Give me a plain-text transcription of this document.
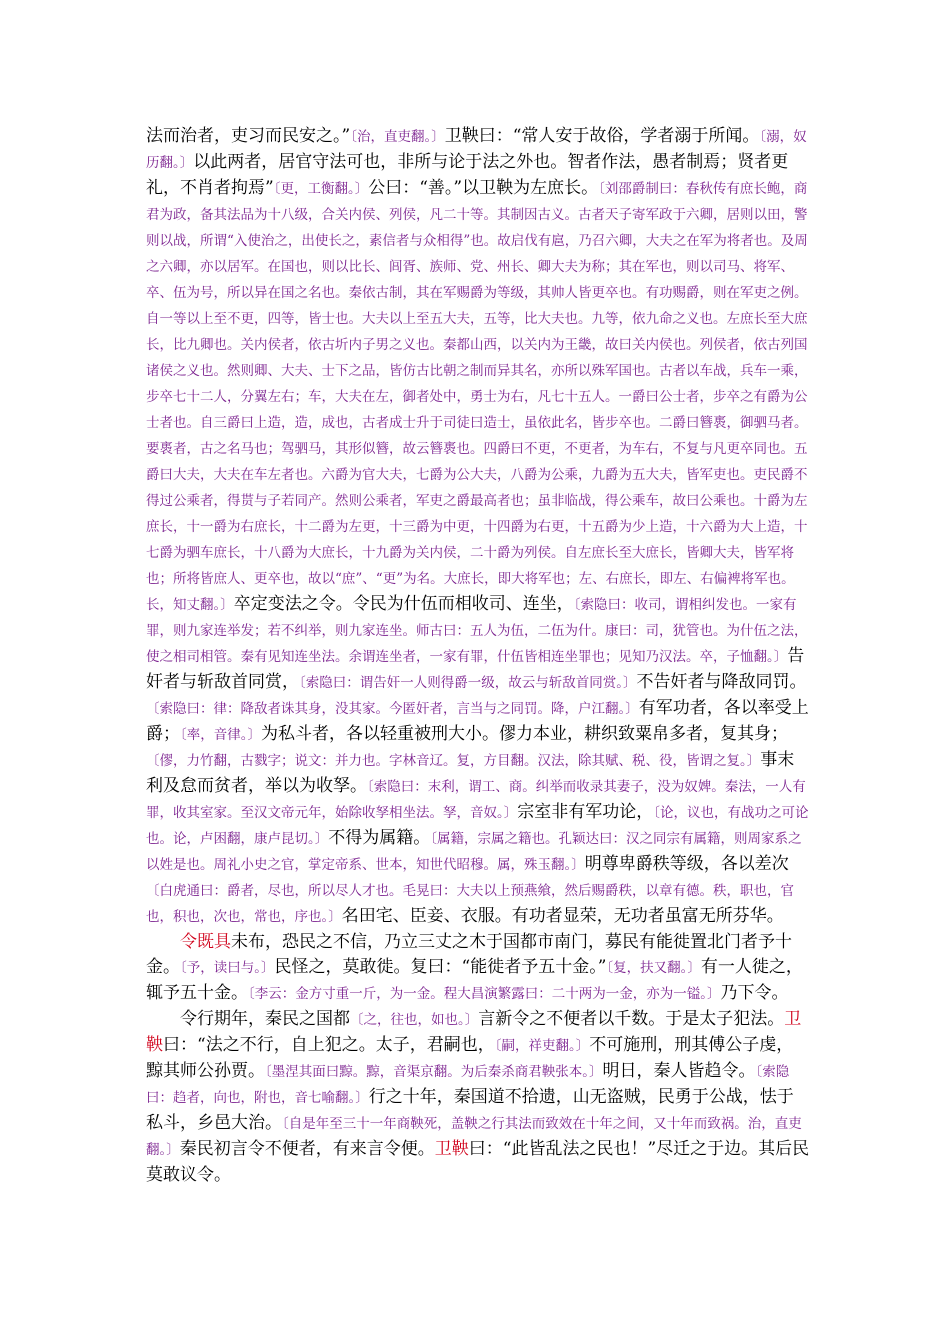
法而治者，吏习而民安之。”〔治，直吏翻。〕卫鞅曰：“常人安于故俗，学者溺于所闻。〔溺，奴历翻。〕以此两者，居官守法可也，非所与论于法之外也。智者作法，愚者制焉；贤者更礼，不肖者拘焉”〔更，工衡翻。〕公曰：“善。”以卫鞅为左庶长。〔刘邵爵制曰：春秋传有庶长鲍，商君为政，备其法品为十八级，合关内侯、列侯，凡二十等。其制因古义。古者天子寄军政于六卿，居则以田，警则以战，所谓“入使治之，出使长之，素信者与众相得”也。故启伐有扈，乃召六卿，大夫之在军为将者也。及周之六卿，亦以居军。在国也，则以比长、闾胥、族师、党、州长、卿大夫为称；其在军也，则以司马、将军、卒、伍为号，所以异在国之名也。秦依古制，其在军赐爵为等级，其帅人皆更卒也。有功赐爵，则在军吏之例。自一等以上至不更，四等，皆士也。大夫以上至五大夫，五等，比大夫也。九等，依九命之义也。左庶长至大庶长，比九卿也。关内侯者，依古圻内子男之义也。秦都山西，以关内为王畿，故曰关内侯也。列侯者，依古列国诸侯之义也。然则卿、大夫、士下之品，皆仿古比朝之制而异其名，亦所以殊军国也。古者以车战，兵车一乘，步卒七十二人，分翼左右；车，大夫在左，御者处中，勇士为右，凡七十五人。一爵曰公士者，步卒之有爵为公士者也。自三爵曰上造，造，成也，古者成士升于司徒曰造士，虽依此名，皆步卒也。二爵曰簪褭，御驷马者。要褭者，古之名马也；驾驷马，其形似簪，故云簪褭也。四爵曰不更，不更者，为车右，不复与凡更卒同也。五爵曰大夫，大夫在车左者也。六爵为官大夫，七爵为公大夫，八爵为公乘，九爵为五大夫，皆军吏也。吏民爵不得过公乘者，得贳与子若同产。然则公乘者，军吏之爵最高者也；虽非临战，得公乘车，故曰公乘也。十爵为左庶长，十一爵为右庶长，十二爵为左更，十三爵为中更，十四爵为右更，十五爵为少上造，十六爵为大上造，十七爵为驷车庶长，十八爵为大庶长，十九爵为关内侯，二十爵为列侯。自左庶长至大庶长，皆卿大夫，皆军将也；所将皆庶人、更卒也，故以“庶”、“更”为名。大庶长，即大将军也；左、右庶长，即左、右偏裨将军也。长，知丈翻。〕卒定变法之令。令民为什伍而相收司、连坐，〔索隐曰：收司，谓相纠发也。一家有罪，则九家连举发；若不纠举，则九家连坐。师古曰：五人为伍，二伍为什。康曰：司，犹管也。为什伍之法，使之相司相管。秦有见知连坐法。余谓连坐者，一家有罪，什伍皆相连坐罪也；见知乃汉法。卒，子恤翻。〕告奸者与斩敌首同赏，〔索隐曰：谓告奸一人则得爵一级，故云与斩敌首同赏。〕不告奸者与降敌同罚。〔索隐曰：律：降敌者诛其身，没其家。今匿奸者，言当与之同罚。降，户江翻。〕有军功者，各以率受上爵；〔率，音律。〕为私斗者，各以轻重被刑大小。僇力本业，耕织致粟帛多者，复其身；〔僇，力竹翻，古戮字；说文：并力也。字林音辽。复，方目翻。汉法，除其赋、税、役，皆谓之复。〕事末利及怠而贫者，举以为收孥。〔索隐曰：末利，谓工、商。纠举而收录其妻子，没为奴婢。秦法，一人有罪，收其室家。至汉文帝元年，始除收孥相坐法。孥，音奴。〕宗室非有军功论，〔论，议也，有战功之可论也。论，卢困翻，康卢昆切。〕不得为属籍。〔属籍，宗属之籍也。孔颖达曰：汉之同宗有属籍，则周家系之以姓是也。周礼小史之官，掌定帝系、世本，知世代昭穆。属，殊玉翻。〕明尊卑爵秩等级，各以差次〔白虎通曰：爵者，尽也，所以尽人才也。毛晃曰：大夫以上预燕飨，然后赐爵秩，以章有德。秩，职也，官也，积也，次也，常也，序也。〕名田宅、臣妾、衣服。有功者显荣，无功者虽富无所芬华。

令既具未布，恐民之不信，乃立三丈之木于国都市南门，募民有能徙置北门者予十金。〔予，读曰与。〕民怪之，莫敢徙。复曰：“能徙者予五十金。”〔复，扶又翻。〕有一人徙之，辄予五十金。〔李云：金方寸重一斤，为一金。程大昌演繁露曰：二十两为一金，亦为一镒。〕乃下令。

令行期年，秦民之国都〔之，往也，如也。〕言新令之不便者以千数。于是太子犯法。卫鞅曰：“法之不行，自上犯之。太子，君嗣也，〔嗣，祥吏翻。〕不可施刑，刑其傅公子虔，黥其师公孙贾。〔墨涅其面曰黥。黥，音渠京翻。为后秦杀商君鞅张本。〕明日，秦人皆趋令。〔索隐曰：趋者，向也，附也，音七喻翻。〕行之十年，秦国道不拾遗，山无盗贼，民勇于公战，怯于私斗，乡邑大治。〔自是年至三十一年商鞅死，盖鞅之行其法而致效在十年之间，又十年而致祸。治，直吏翻。〕秦民初言令不便者，有来言令便。卫鞅曰：“此皆乱法之民也！”尽迁之于边。其后民莫敢议令。
